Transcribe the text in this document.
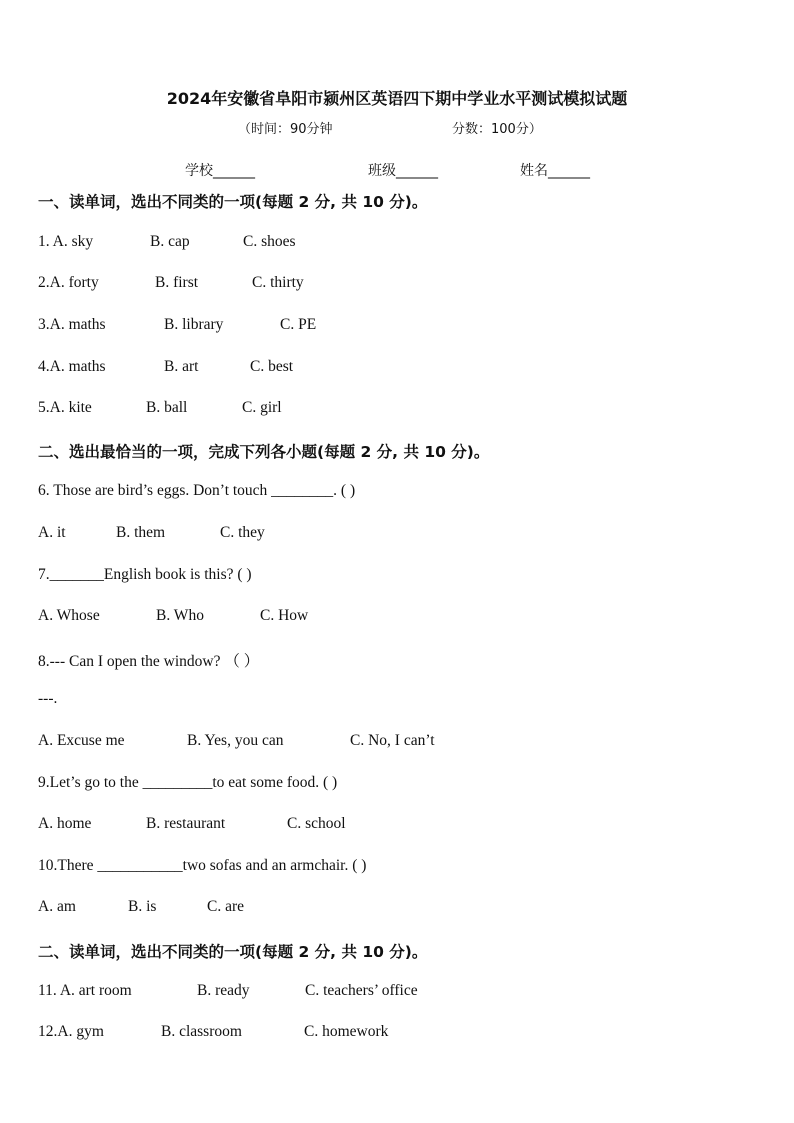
2024年安徽省阜阳市颍州区英语四下期中学业水平测试模拟试题
（时间：90分钟	分数：100分）
学校______	班级______	姓名______
一、读单词，选出不同类的一项(每题 2 分, 共 10 分)。
1. A. sky	B. cap	C. shoes
2.A. forty	B. first	C. thirty
3.A. maths	B. library	C. PE
4.A. maths	B. art	C. best
5.A. kite	B. ball	C. girl
二、选出最恰当的一项，完成下列各小题(每题 2 分, 共 10 分)。
6. Those are bird’s eggs. Don’t touch ________. ( )
A. it	B. them	C. they
7._______English book is this? ( )
A. Whose	B. Who	C. How
8.--- Can I open the window? （ ）
---.
A. Excuse me	B. Yes, you can	C. No, I can’t
9.Let’s go to the _________to eat some food. ( )
A. home	B. restaurant	C. school
10.There ___________two sofas and an armchair. ( )
A. am	B. is	C. are
二、读单词，选出不同类的一项(每题 2 分, 共 10 分)。
11. A. art room	B. ready	C. teachers’ office
12.A. gym	B. classroom	C. homework
